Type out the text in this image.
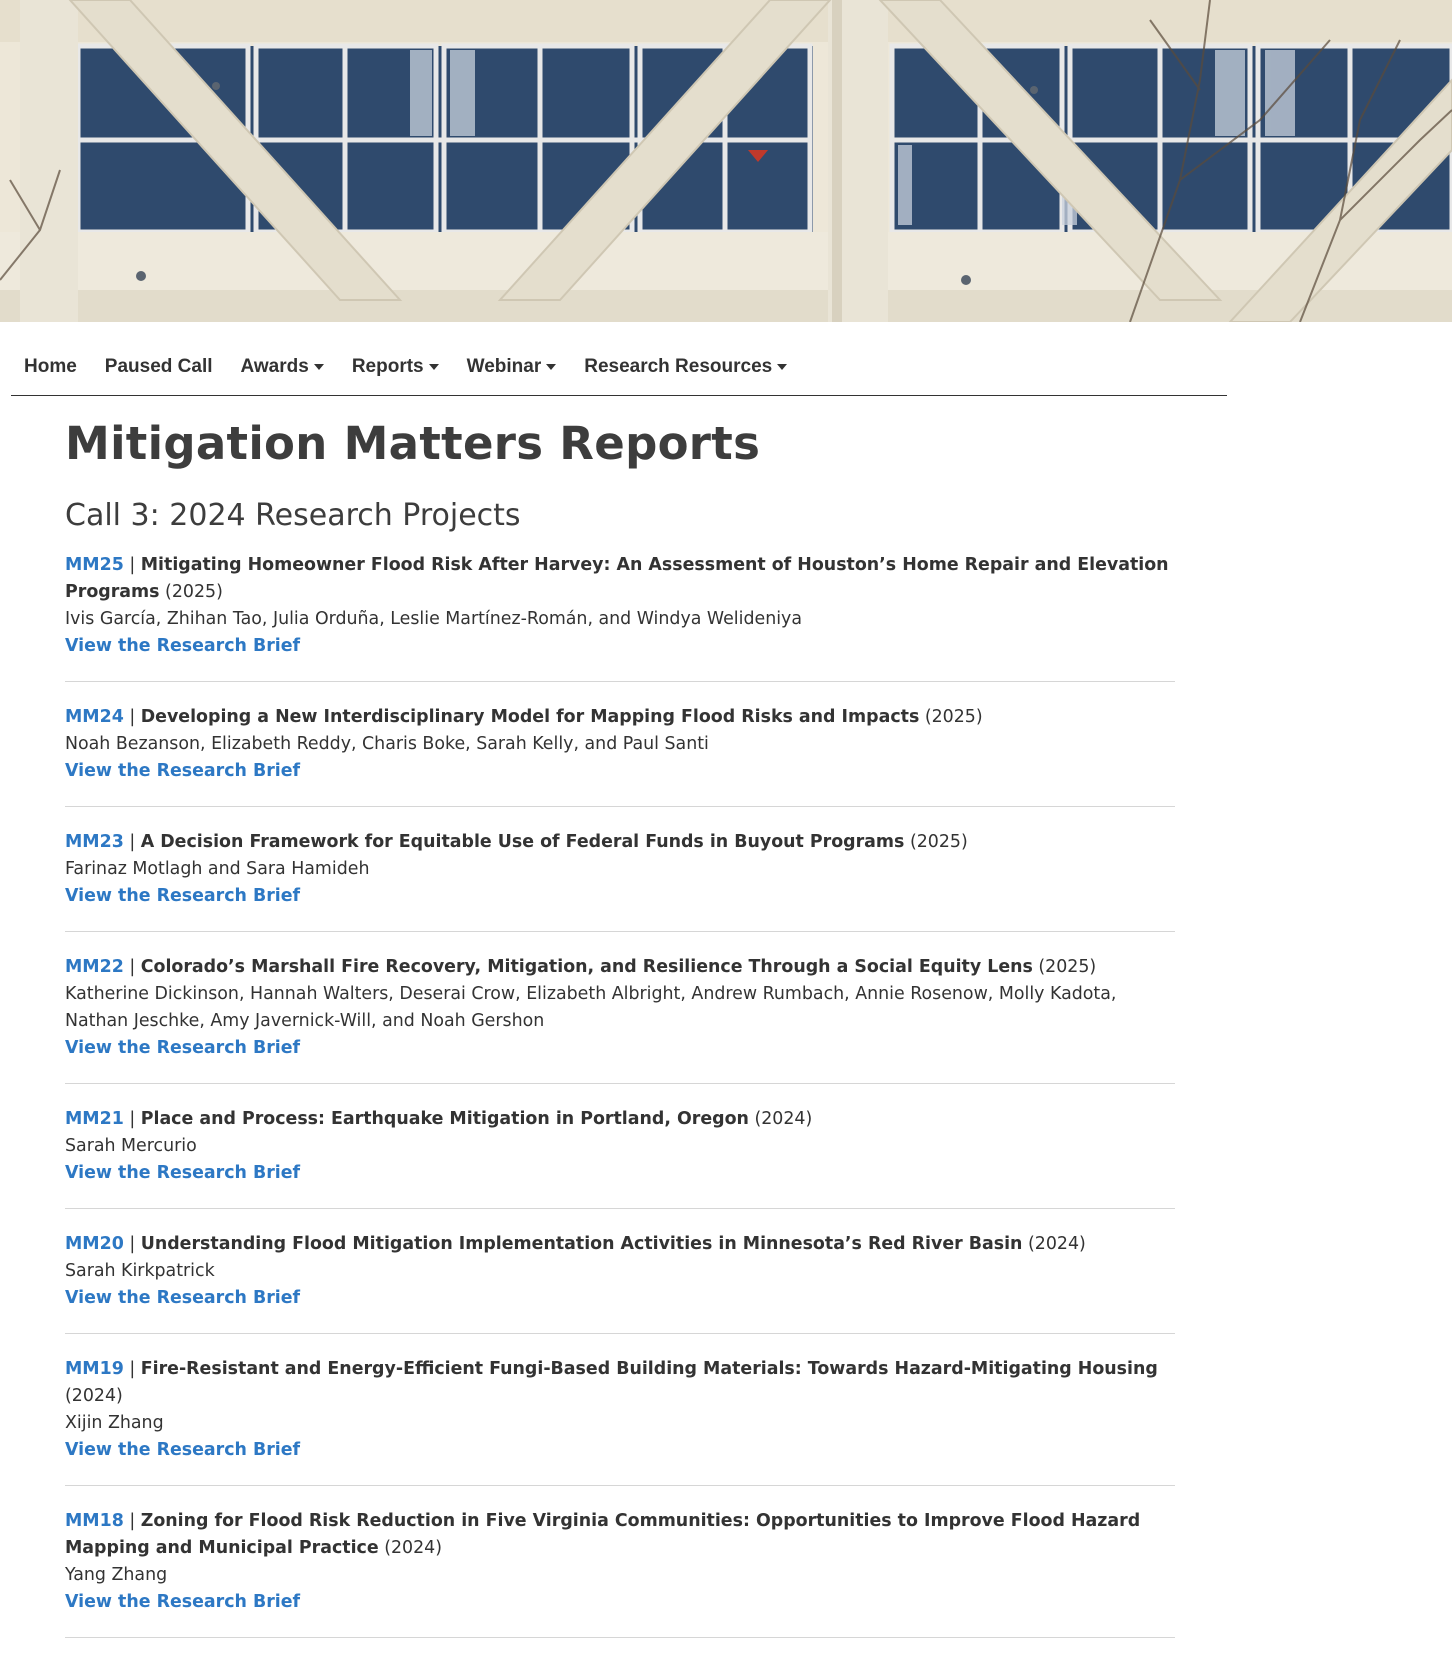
Home Paused Call Awards Reports Webinar Research Resources
Mitigation Matters Reports
Call 3: 2024 Research Projects
MM25 | Mitigating Homeowner Flood Risk After Harvey: An Assessment of Houston’s Home Repair and Elevation Programs (2025)
Ivis García, Zhihan Tao, Julia Orduña, Leslie Martínez-Román, and Windya Welideniya
View the Research Brief
MM24 | Developing a New Interdisciplinary Model for Mapping Flood Risks and Impacts (2025)
Noah Bezanson, Elizabeth Reddy, Charis Boke, Sarah Kelly, and Paul Santi
View the Research Brief
MM23 | A Decision Framework for Equitable Use of Federal Funds in Buyout Programs (2025)
Farinaz Motlagh and Sara Hamideh
View the Research Brief
MM22 | Colorado’s Marshall Fire Recovery, Mitigation, and Resilience Through a Social Equity Lens (2025)
Katherine Dickinson, Hannah Walters, Deserai Crow, Elizabeth Albright, Andrew Rumbach, Annie Rosenow, Molly Kadota, Nathan Jeschke, Amy Javernick-Will, and Noah Gershon
View the Research Brief
MM21 | Place and Process: Earthquake Mitigation in Portland, Oregon (2024)
Sarah Mercurio
View the Research Brief
MM20 | Understanding Flood Mitigation Implementation Activities in Minnesota’s Red River Basin (2024)
Sarah Kirkpatrick
View the Research Brief
MM19 | Fire-Resistant and Energy-Efficient Fungi-Based Building Materials: Towards Hazard-Mitigating Housing (2024)
Xijin Zhang
View the Research Brief
MM18 | Zoning for Flood Risk Reduction in Five Virginia Communities: Opportunities to Improve Flood Hazard Mapping and Municipal Practice (2024)
Yang Zhang
View the Research Brief
